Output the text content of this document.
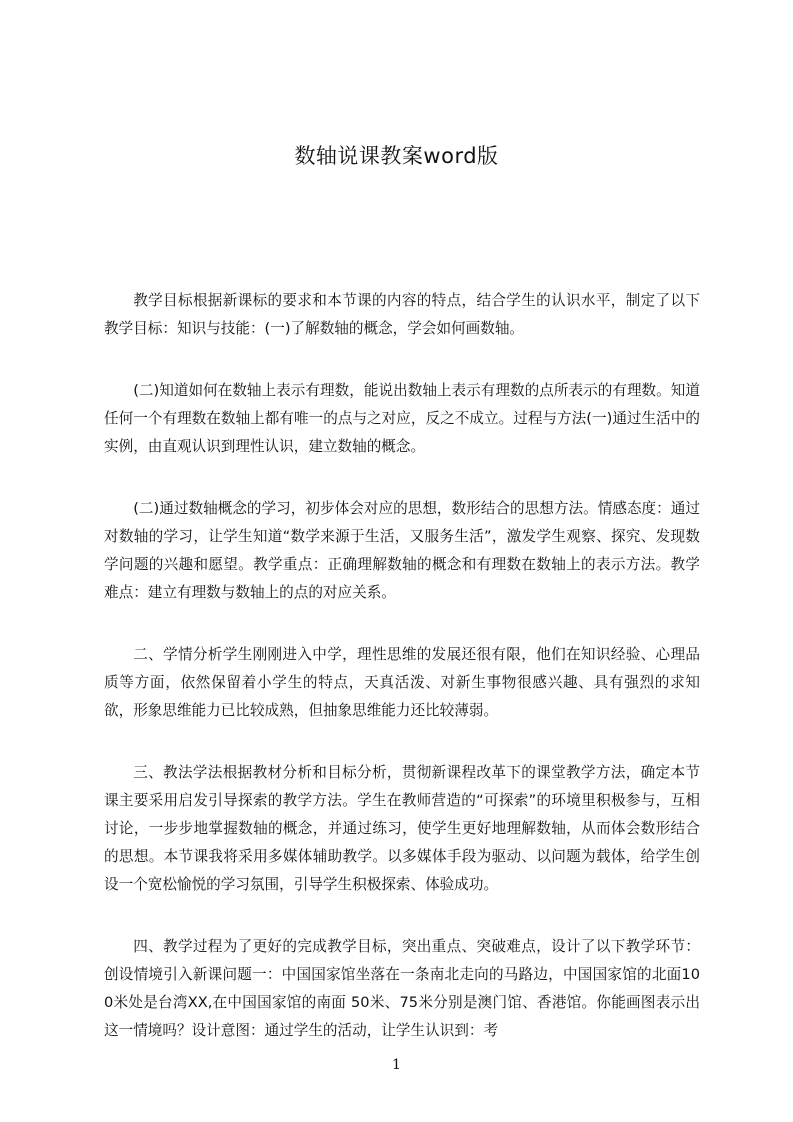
数轴说课教案word版

教学目标根据新课标的要求和本节课的内容的特点，结合学生的认识水平，制定了以下教学目标：知识与技能：(一)了解数轴的概念，学会如何画数轴。

(二)知道如何在数轴上表示有理数，能说出数轴上表示有理数的点所表示的有理数。知道任何一个有理数在数轴上都有唯一的点与之对应，反之不成立。过程与方法(一)通过生活中的实例，由直观认识到理性认识，建立数轴的概念。

(二)通过数轴概念的学习，初步体会对应的思想，数形结合的思想方法。情感态度：通过对数轴的学习，让学生知道“数学来源于生活，又服务生活”，激发学生观察、探究、发现数学问题的兴趣和愿望。教学重点：正确理解数轴的概念和有理数在数轴上的表示方法。教学难点：建立有理数与数轴上的点的对应关系。

二、学情分析学生刚刚进入中学，理性思维的发展还很有限，他们在知识经验、心理品质等方面，依然保留着小学生的特点，天真活泼、对新生事物很感兴趣、具有强烈的求知欲，形象思维能力已比较成熟，但抽象思维能力还比较薄弱。

三、教法学法根据教材分析和目标分析，贯彻新课程改革下的课堂教学方法，确定本节课主要采用启发引导探索的教学方法。学生在教师营造的“可探索”的环境里积极参与，互相讨论，一步步地掌握数轴的概念，并通过练习，使学生更好地理解数轴，从而体会数形结合的思想。本节课我将采用多媒体辅助教学。以多媒体手段为驱动、以问题为载体，给学生创设一个宽松愉悦的学习氛围，引导学生积极探索、体验成功。

四、教学过程为了更好的完成教学目标，突出重点、突破难点，设计了以下教学环节：创设情境引入新课问题一：中国国家馆坐落在一条南北走向的马路边，中国国家馆的北面100米处是台湾XX,在中国国家馆的南面 50米、75米分别是澳门馆、香港馆。你能画图表示出这一情境吗？设计意图：通过学生的活动，让学生认识到：考

1
